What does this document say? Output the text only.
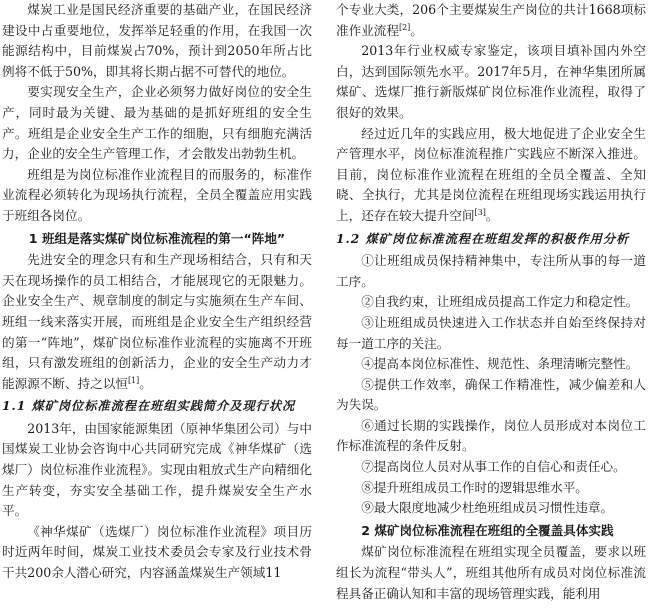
煤炭工业是国民经济重要的基础产业，在国民经济建设中占重要地位，发挥举足轻重的作用，在我国一次能源结构中，目前煤炭占70%，预计到2050年所占比例将不低于50%，即其将长期占据不可替代的地位。

要实现安全生产，企业必须努力做好岗位的安全生产，同时最为关键、最为基础的是抓好班组的安全生产。班组是企业安全生产工作的细胞，只有细胞充满活力，企业的安全生产管理工作，才会散发出勃勃生机。

班组是为岗位标准作业流程目的而服务的，标准作业流程必须转化为现场执行流程，全员全覆盖应用实践于班组各岗位。

1 班组是落实煤矿岗位标准流程的第一“阵地”

先进安全的理念只有和生产现场相结合，只有和天天在现场操作的员工相结合，才能展现它的无限魅力。企业安全生产、规章制度的制定与实施须在生产车间、班组一线来落实开展，而班组是企业安全生产组织经营的第一“阵地”，煤矿岗位标准作业流程的实施离不开班组，只有激发班组的创新活力，企业的安全生产动力才能源源不断、持之以恒[1]。

1.1 煤矿岗位标准流程在班组实践简介及现行状况

2013年，由国家能源集团（原神华集团公司）与中国煤炭工业协会咨询中心共同研究完成《神华煤矿（选煤厂）岗位标准作业流程》。实现由粗放式生产向精细化生产转变，夯实安全基础工作，提升煤炭安全生产水平。

《神华煤矿（选煤厂）岗位标准作业流程》项目历时近两年时间，煤炭工业技术委员会专家及行业技术骨干共200余人潜心研究，内容涵盖煤炭生产领域11

个专业大类，206个主要煤炭生产岗位的共计1668项标准作业流程[2]。

2013年行业权威专家鉴定，该项目填补国内外空白，达到国际领先水平。2017年5月，在神华集团所属煤矿、选煤厂推行新版煤矿岗位标准作业流程，取得了很好的效果。

经过近几年的实践应用，极大地促进了企业安全生产管理水平，岗位标准流程推广实践应不断深入推进。目前，岗位标准作业流程在班组的全员全覆盖、全知晓、全执行，尤其是岗位流程在班组现场实践运用执行上，还存在较大提升空间[3]。

1.2 煤矿岗位标准流程在班组发挥的积极作用分析

①让班组成员保持精神集中，专注所从事的每一道工序。

②自我约束，让班组成员提高工作定力和稳定性。

③让班组成员快速进入工作状态并自始至终保持对每一道工序的关注。

④提高本岗位标准性、规范性、条理清晰完整性。

⑤提供工作效率，确保工作精准性，减少偏差和人为失误。

⑥通过长期的实践操作，岗位人员形成对本岗位工作标准流程的条件反射。

⑦提高岗位人员对从事工作的自信心和责任心。

⑧提升班组成员工作时的逻辑思维水平。

⑨最大限度地减少杜绝班组成员习惯性违章。

2 煤矿岗位标准流程在班组的全覆盖具体实践

煤矿岗位标准流程在班组实现全员覆盖，要求以班组长为流程“带头人”，班组其他所有成员对岗位标准流程具备正确认知和丰富的现场管理实践，能利用
